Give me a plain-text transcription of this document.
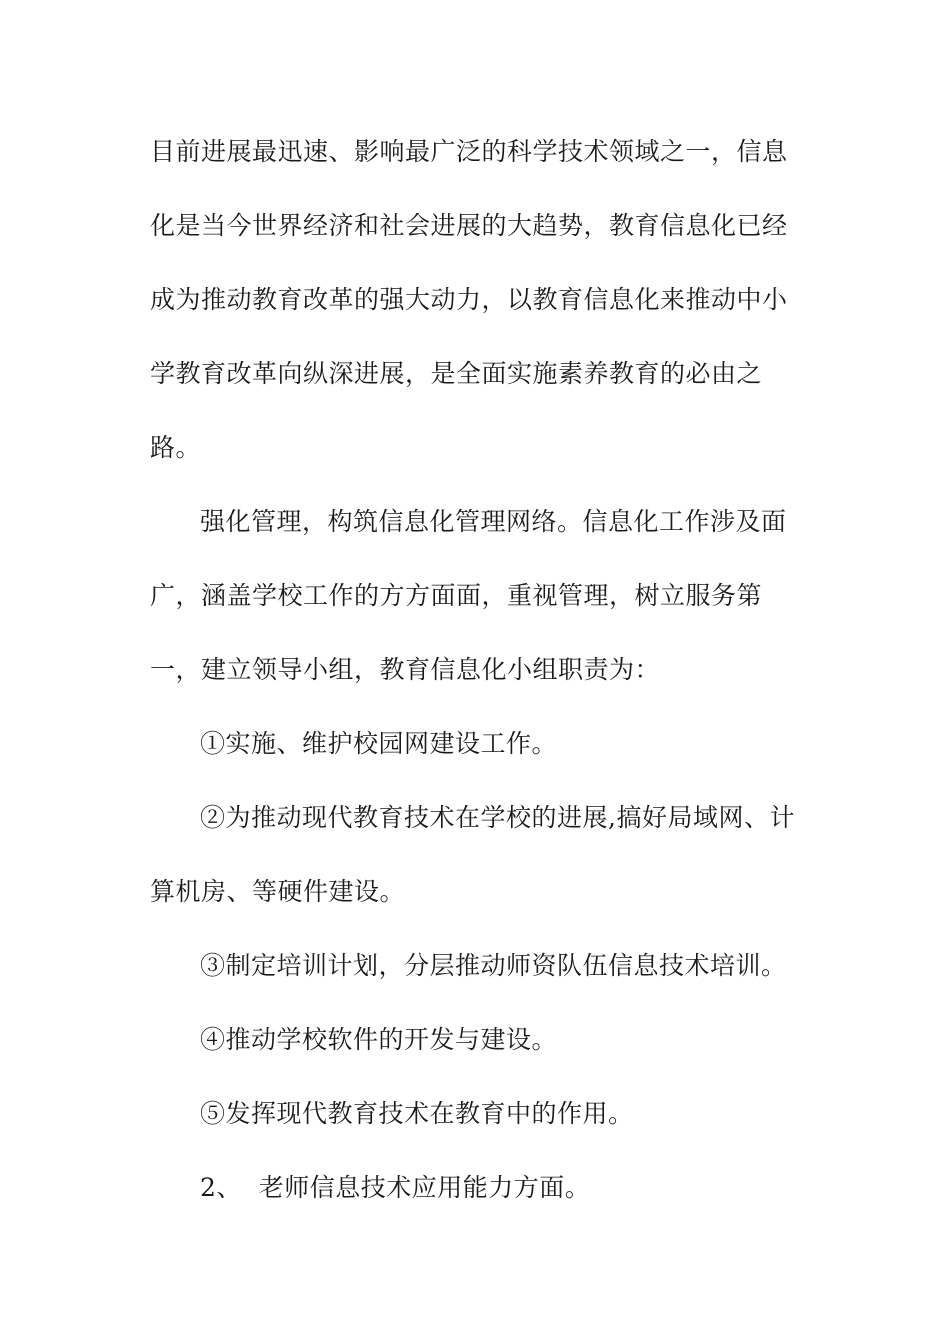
目前进展最迅速、影响最广泛的科学技术领域之一，信息
化是当今世界经济和社会进展的大趋势，教育信息化已经
成为推动教育改革的强大动力，以教育信息化来推动中小
学教育改革向纵深进展，是全面实施素养教育的必由之
路。
强化管理，构筑信息化管理网络。信息化工作涉及面
广，涵盖学校工作的方方面面，重视管理，树立服务第
一，建立领导小组，教育信息化小组职责为：
①实施、维护校园网建设工作。
②为推动现代教育技术在学校的进展,搞好局域网、计
算机房、等硬件建设。
③制定培训计划，分层推动师资队伍信息技术培训。
④推动学校软件的开发与建设。
⑤发挥现代教育技术在教育中的作用。
2、  老师信息技术应用能力方面。
